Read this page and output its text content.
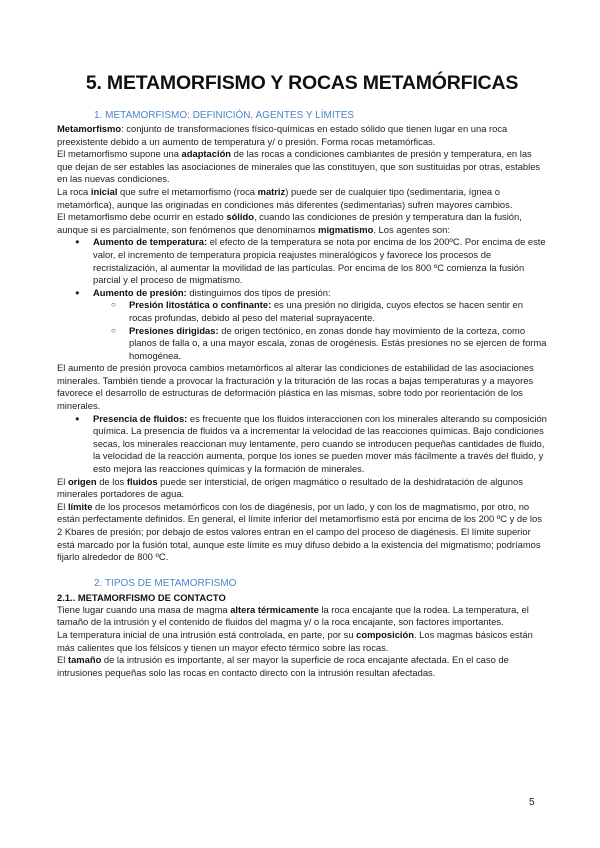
5. METAMORFISMO Y ROCAS METAMÓRFICAS
1. METAMORFISMO: DEFINICIÓN, AGENTES Y LÍMITES

Metamorfismo: conjunto de transformaciones físico-químicas en estado sólido que tienen lugar en una roca preexistente debido a un aumento de temperatura y/ o presión. Forma rocas metamórficas.

El metamorfismo supone una adaptación de las rocas a condiciones cambiantes de presión y temperatura, en las que dejan de ser estables las asociaciones de minerales que las constituyen, que son sustituidas por otras, estables en las nuevas condiciones.

La roca inicial que sufre el metamorfismo (roca matriz) puede ser de cualquier tipo (sedimentaria, ígnea o metamórfica), aunque las originadas en condiciones más diferentes (sedimentarias) sufren mayores cambios.

El metamorfismo debe ocurrir en estado sólido, cuando las condiciones de presión y temperatura dan la fusión, aunque si es parcialmente, son fenómenos que denominamos migmatismo. Los agentes son:

● Aumento de temperatura: el efecto de la temperatura se nota por encima de los 200ºC. Por encima de este valor, el incremento de temperatura propicia reajustes mineralógicos y favorece los procesos de recristalización, al aumentar la movilidad de las partículas. Por encima de los 800 ºC comienza la fusión parcial y el proceso de migmatismo.
● Aumento de presión: distinguimos dos tipos de presión:
○ Presión litostática o confinante: es una presión no dirigida, cuyos efectos se hacen sentir en rocas profundas, debido al peso del material suprayacente.
○ Presiones dirigidas: de origen tectónico, en zonas donde hay movimiento de la corteza, como planos de falla o, a una mayor escala, zonas de orogénesis. Estás presiones no se ejercen de forma homogénea.

El aumento de presión provoca cambios metamórficos al alterar las condiciones de estabilidad de las asociaciones minerales. También tiende a provocar la fracturación y la trituración de las rocas a bajas temperaturas y a mayores favorece el desarrollo de estructuras de deformación plástica en las mismas, sobre todo por reorientación de los minerales.

● Presencia de fluidos: es frecuente que los fluidos interaccionen con los minerales alterando su composición química. La presencia de fluidos va a incrementar la velocidad de las reacciones químicas. Bajo condiciones secas, los minerales reaccionan muy lentamente, pero cuando se introducen pequeñas cantidades de fluido, la velocidad de la reacción aumenta, porque los iones se pueden mover más fácilmente a través del fluido, y esto mejora las reacciones químicas y la formación de minerales.

El origen de los fluidos puede ser intersticial, de origen magmático o resultado de la deshidratación de algunos minerales portadores de agua.

El límite de los procesos metamórficos con los de diagénesis, por un lado, y con los de magmatismo, por otro, no están perfectamente definidos. En general, el límite inferior del metamorfismo está por encima de los 200 ºC y de los 2 Kbares de presión; por debajo de estos valores entran en el campo del proceso de diagénesis. El límite superior está marcado por la fusión total, aunque este límite es muy difuso debido a la existencia del migmatismo; podríamos fijarlo alrededor de 800 ºC.

2. TIPOS DE METAMORFISMO
2.1.. METAMORFISMO DE CONTACTO

Tiene lugar cuando una masa de magma altera térmicamente la roca encajante que la rodea. La temperatura, el tamaño de la intrusión y el contenido de fluidos del magma y/ o la roca encajante, son factores importantes.

La temperatura inicial de una intrusión está controlada, en parte, por su composición. Los magmas básicos están más calientes que los félsicos y tienen un mayor efecto térmico sobre las rocas.

El tamaño de la intrusión es importante, al ser mayor la superficie de roca encajante afectada. En el caso de intrusiones pequeñas solo las rocas en contacto directo con la intrusión resultan afectadas.

5
